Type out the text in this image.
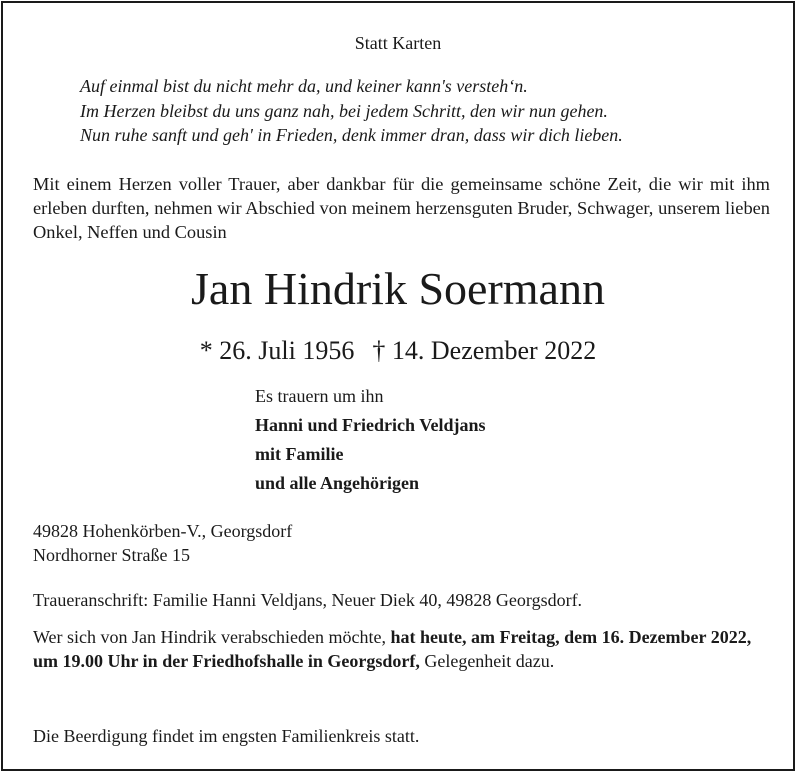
Statt Karten
Auf einmal bist du nicht mehr da, und keiner kann's versteh‘n.
Im Herzen bleibst du uns ganz nah, bei jedem Schritt, den wir nun gehen.
Nun ruhe sanft und geh' in Frieden, denk immer dran, dass wir dich lieben.
Mit einem Herzen voller Trauer, aber dankbar für die gemeinsame schöne Zeit, die wir mit ihm erleben durften, nehmen wir Abschied von meinem herzensguten Bruder, Schwager, unserem lieben Onkel, Neffen und Cousin
Jan Hindrik Soermann
* 26. Juli 1956 † 14. Dezember 2022
Es trauern um ihn
Hanni und Friedrich Veldjans
mit Familie
und alle Angehörigen
49828 Hohenkörben-V., Georgsdorf
Nordhorner Straße 15
Traueranschrift: Familie Hanni Veldjans, Neuer Diek 40, 49828 Georgsdorf.
Wer sich von Jan Hindrik verabschieden möchte, hat heute, am Freitag, dem 16. Dezember 2022, um 19.00 Uhr in der Friedhofshalle in Georgsdorf, Gelegenheit dazu.
Die Beerdigung findet im engsten Familienkreis statt.
